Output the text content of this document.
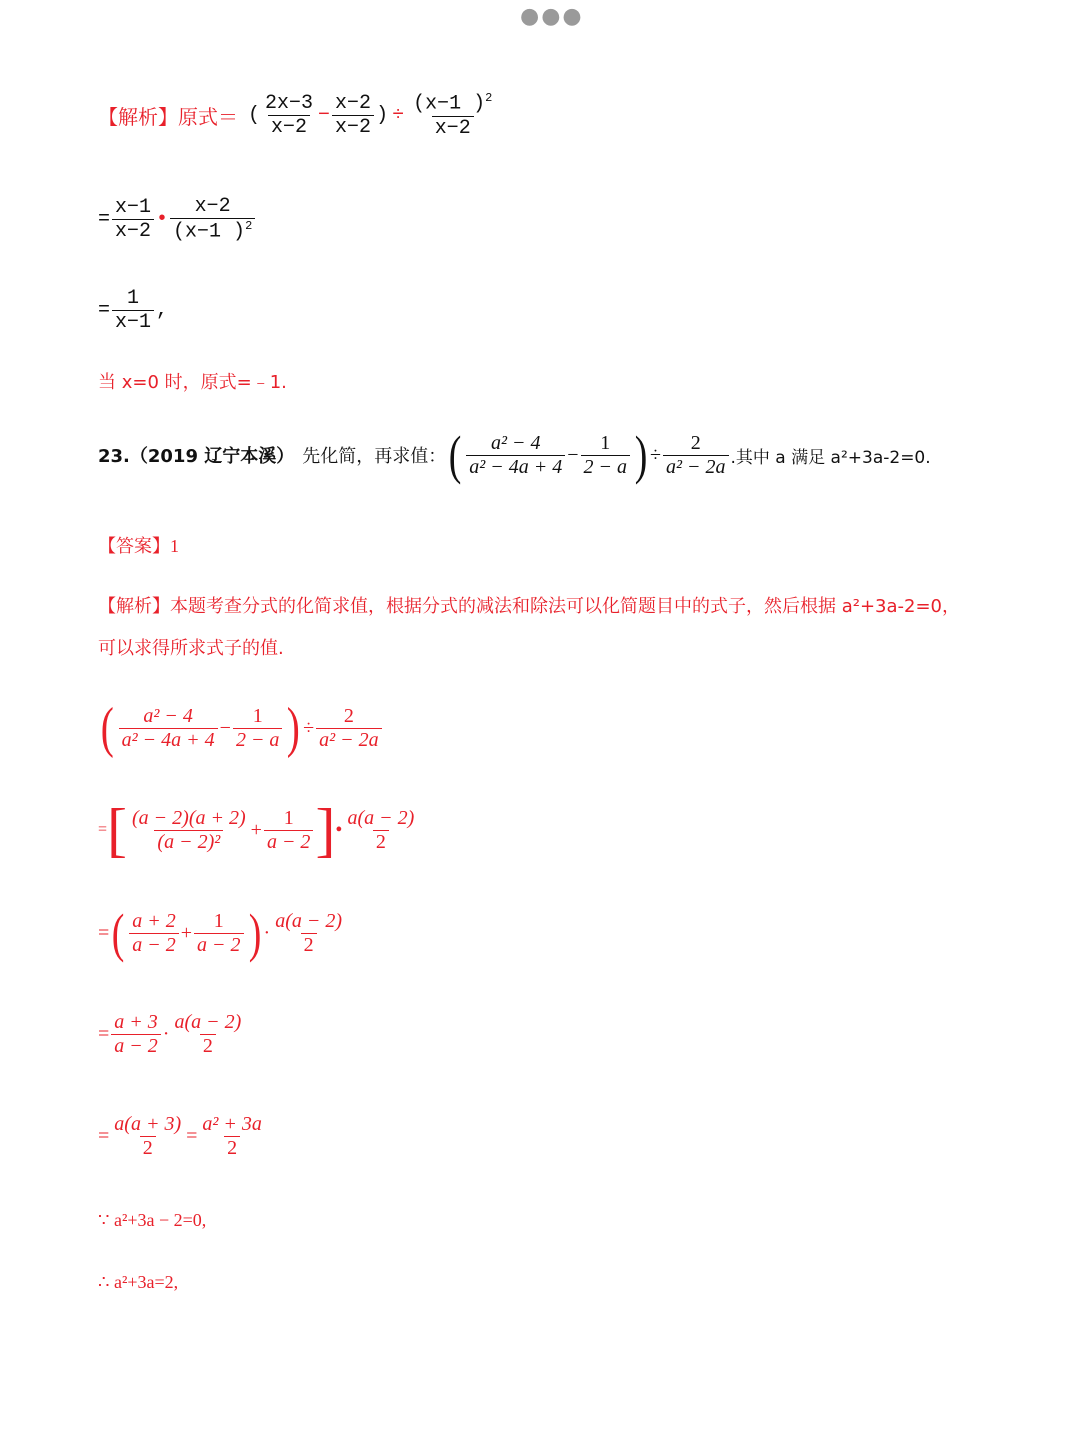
●●●
【解析】原式＝ ( $\frac{2x-3}{x-2} - \frac{x-2}{x-2}$ ) ÷ $\frac{(x-1 )^2}{x-2}$
= $\frac{x-1}{x-2}$ • $\frac{x-2}{(x-1 )^2}$
= $\frac{1}{x-1}$ ,
当 x=0 时，原式=﹣1.
23.（2019 辽宁本溪） 先化简，再求值： ( $\frac{\text{a² − 4}}{\text{a² − 4a + 4}} - \frac{1}{2 - a}$ ) ÷ $\frac{2}{\text{a² − 2a}}$ .其中 a 满足 a²+3a-2=0.
【答案】1
【解析】本题考查分式的化简求值，根据分式的减法和除法可以化简题目中的式子，然后根据 a²+3a-2=0，
可以求得所求式子的值.
( $\frac{\text{a² − 4}}{\text{a² − 4a + 4}} - \frac{1}{2 - a}$ ) ÷ $\frac{2}{\text{a² − 2a}}$
= [ $\frac{(a - 2)(a + 2)}{\text{(a − 2)²}} + \frac{1}{a - 2}$ ] • $\frac{a(a - 2)}{2}$
= ( $\frac{a + 2}{a - 2} + \frac{1}{a - 2}$ ) · $\frac{a(a - 2)}{2}$
= $\frac{a + 3}{a - 2} \cdot \frac{a(a - 2)}{2}$
= $\frac{a(a + 3)}{2} = \frac{\text{a² + 3a}}{2}$
∵ a²+3a − 2=0,
∴ a²+3a=2,
